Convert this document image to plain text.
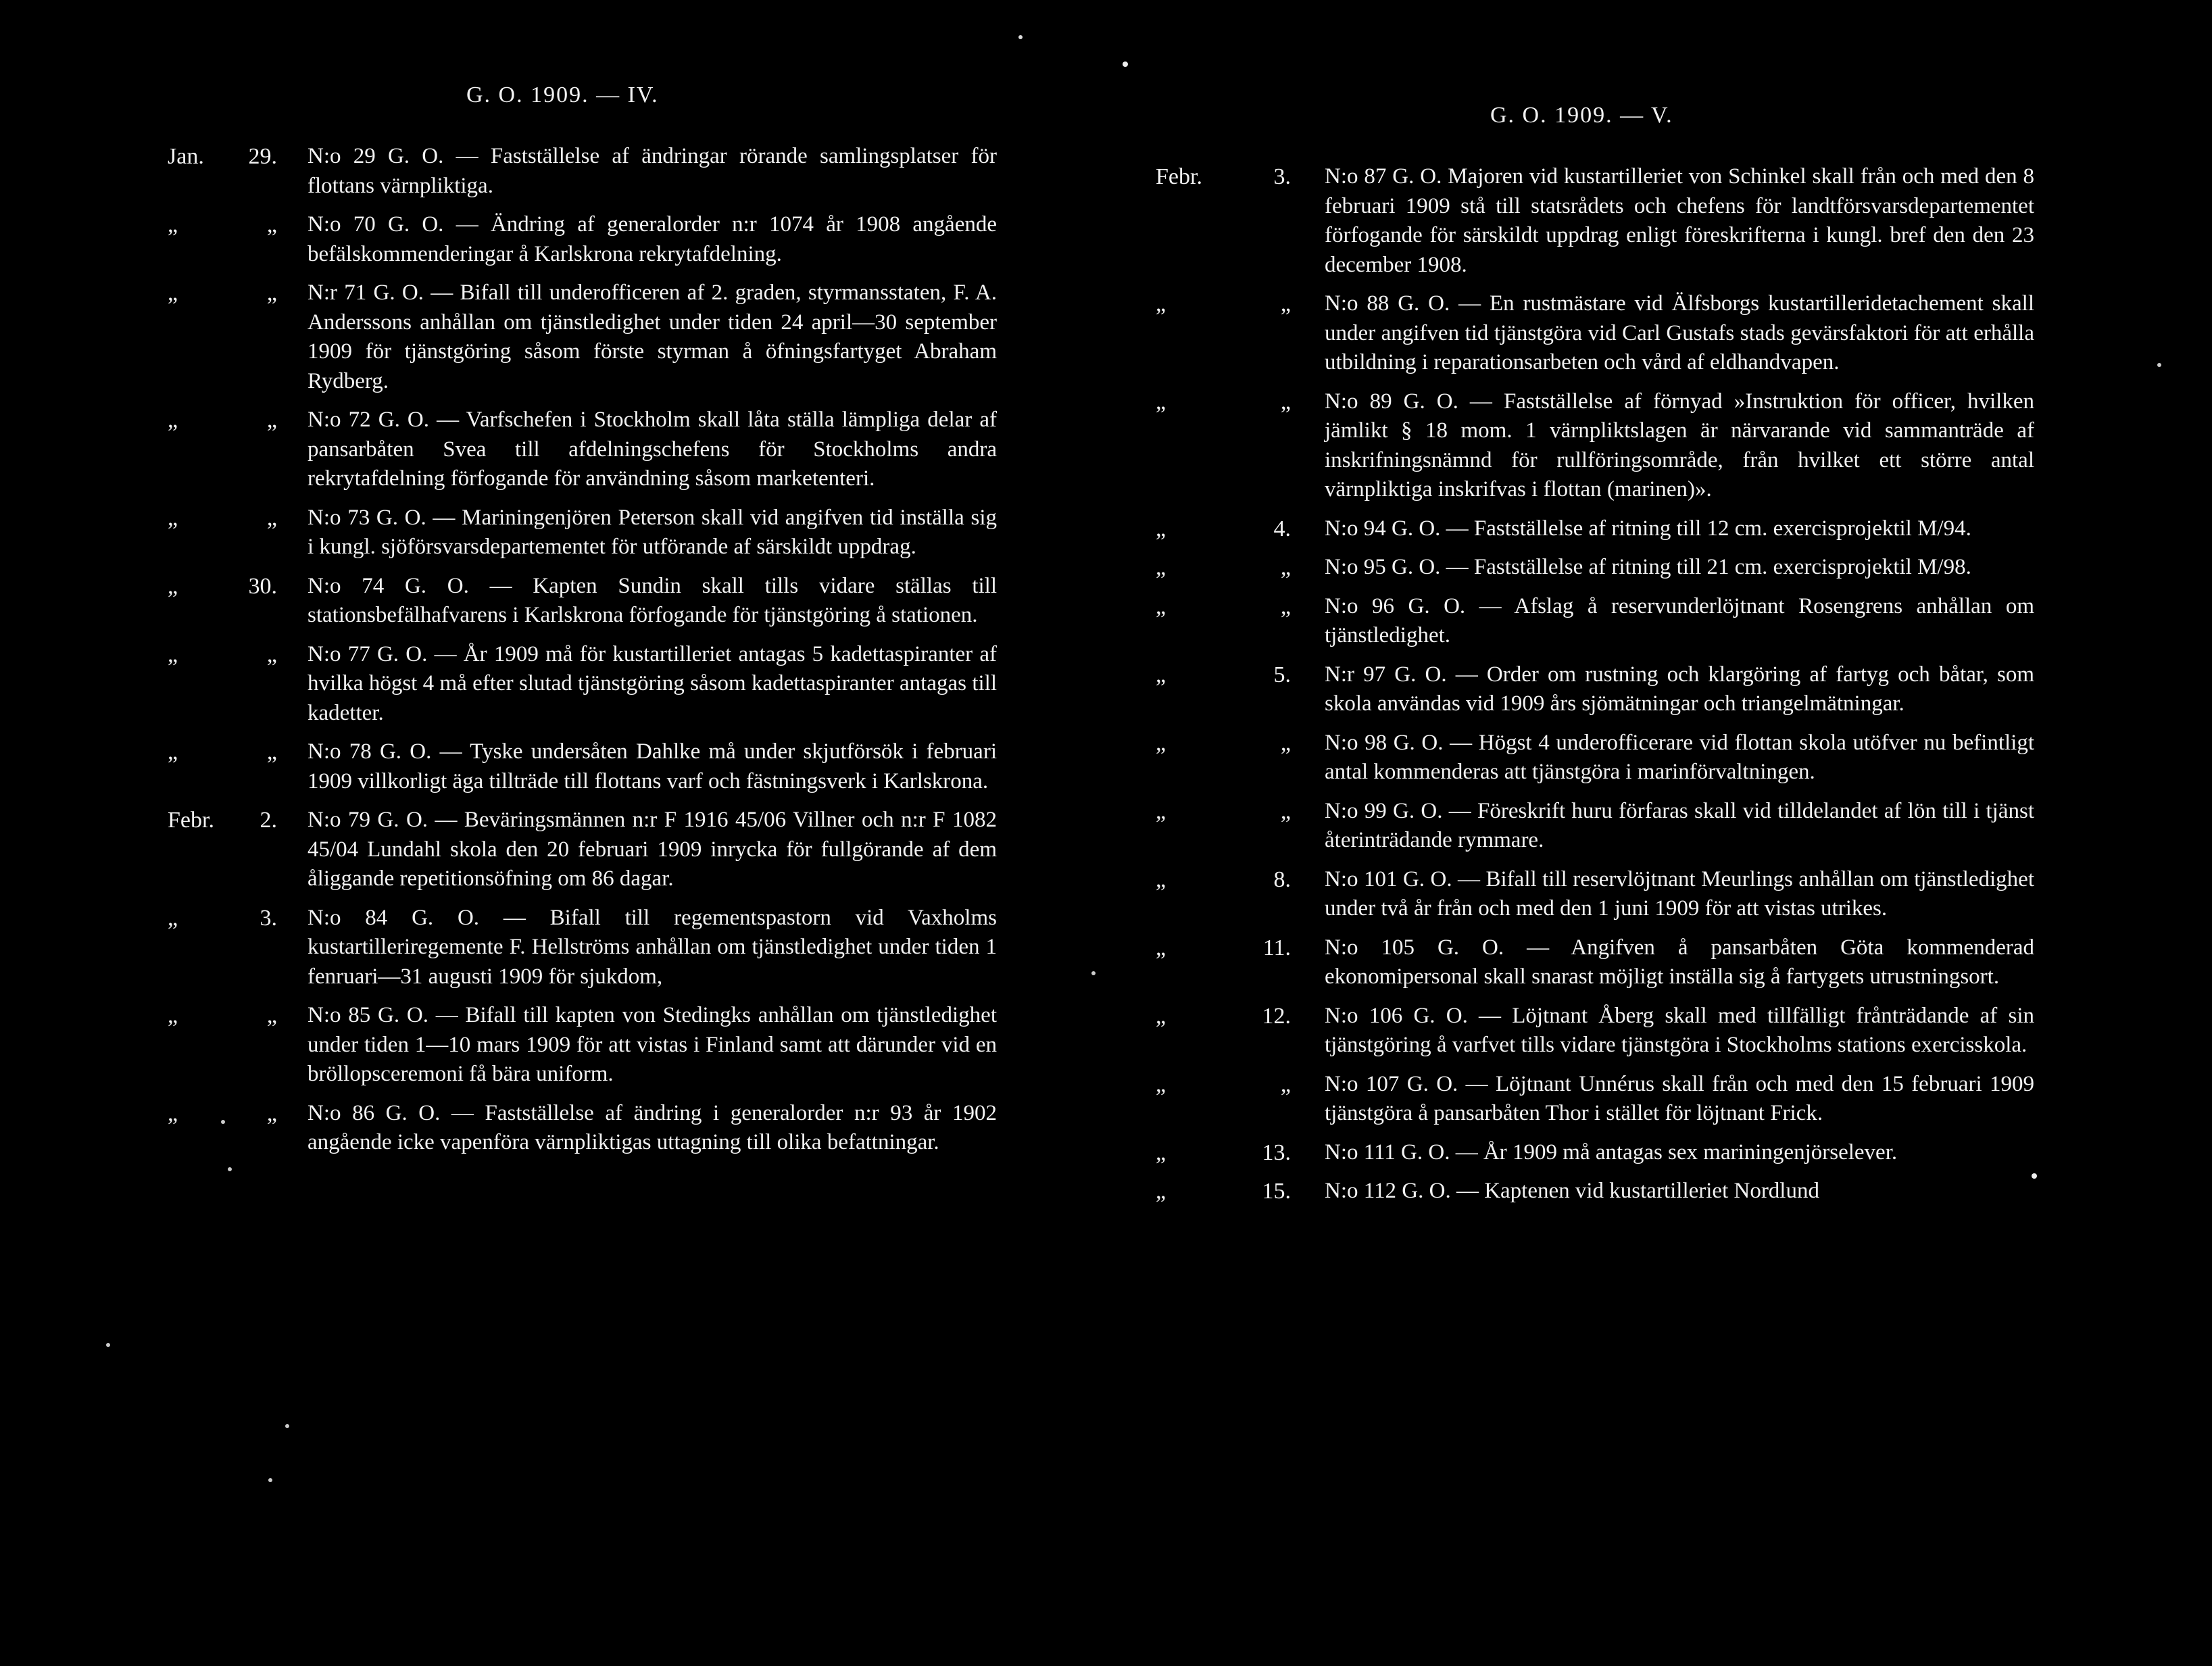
G. O. 1909. — IV.
Jan.	29. N:o 29 G. O. — Fastställelse af ändringar rörande samlingsplatser för flottans värnpliktiga.
„	„ N:o 70 G. O. — Ändring af generalorder n:r 1074 år 1908 angående befälskommenderingar å Karlskrona rekrytafdelning.
„	„ N:r 71 G. O. — Bifall till underofficeren af 2. graden, styrmansstaten, F. A. Anderssons anhållan om tjänstledighet under tiden 24 april—30 september 1909 för tjänstgöring såsom förste styrman å öfningsfartyget Abraham Rydberg.
„	„ N:o 72 G. O. — Varfschefen i Stockholm skall låta ställa lämpliga delar af pansarbåten Svea till afdelningschefens för Stockholms andra rekrytafdelning förfogande för användning såsom marketenteri.
„	„ N:o 73 G. O. — Mariningenjören Peterson skall vid angifven tid inställa sig i kungl. sjöförsvarsdepartementet för utförande af särskildt uppdrag.
„	30. N:o 74 G. O. — Kapten Sundin skall tills vidare ställas till stationsbefälhafvarens i Karlskrona förfogande för tjänstgöring å stationen.
„	„ N:o 77 G. O. — År 1909 må för kustartilleriet antagas 5 kadettaspiranter af hvilka högst 4 må efter slutad tjänstgöring såsom kadettaspiranter antagas till kadetter.
„	„ N:o 78 G. O. — Tyske undersåten Dahlke må under skjutförsök i februari 1909 villkorligt äga tillträde till flottans varf och fästningsverk i Karlskrona.
Febr.	2. N:o 79 G. O. — Beväringsmännen n:r F 1916 45/06 Villner och n:r F 1082 45/04 Lundahl skola den 20 februari 1909 inrycka för fullgörande af dem åliggande repetitionsöfning om 86 dagar.
„	3. N:o 84 G. O. — Bifall till regementspastorn vid Vaxholms kustartilleriregemente F. Hellströms anhållan om tjänstledighet under tiden 1 fenruari—31 augusti 1909 för sjukdom,
„	„ N:o 85 G. O. — Bifall till kapten von Stedingks anhållan om tjänstledighet under tiden 1—10 mars 1909 för att vistas i Finland samt att därunder vid en bröllopsceremoni få bära uniform.
„	„ N:o 86 G. O. — Fastställelse af ändring i generalorder n:r 93 år 1902 angående icke vapenföra värnpliktigas uttagning till olika befattningar.
G. O. 1909. — V.
Febr.	3. N:o 87 G. O. Majoren vid kustartilleriet von Schinkel skall från och med den 8 februari 1909 stå till statsrådets och chefens för landtförsvarsdepartementet förfogande för särskildt uppdrag enligt föreskrifterna i kungl. bref den den 23 december 1908.
„	„ N:o 88 G. O. — En rustmästare vid Älfsborgs kustartilleridetachement skall under angifven tid tjänstgöra vid Carl Gustafs stads gevärsfaktori för att erhålla utbildning i reparationsarbeten och vård af eldhandvapen.
„	„ N:o 89 G. O. — Fastställelse af förnyad »Instruktion för officer, hvilken jämlikt § 18 mom. 1 värnpliktslagen är närvarande vid sammanträde af inskrifningsnämnd för rullföringsområde, från hvilket ett större antal värnpliktiga inskrifvas i flottan (marinen)».
„	4. N:o 94 G. O. — Fastställelse af ritning till 12 cm. exercisprojektil M/94.
„	„ N:o 95 G. O. — Fastställelse af ritning till 21 cm. exercisprojektil M/98.
„	„ N:o 96 G. O. — Afslag å reservunderlöjtnant Rosengrens anhållan om tjänstledighet.
„	5. N:r 97 G. O. — Order om rustning och klargöring af fartyg och båtar, som skola användas vid 1909 års sjömätningar och triangelmätningar.
„	„ N:o 98 G. O. — Högst 4 underofficerare vid flottan skola utöfver nu befintligt antal kommenderas att tjänstgöra i marinförvaltningen.
„	„ N:o 99 G. O. — Föreskrift huru förfaras skall vid tilldelandet af lön till i tjänst återinträdande rymmare.
„	8. N:o 101 G. O. — Bifall till reservlöjtnant Meurlings anhållan om tjänstledighet under två år från och med den 1 juni 1909 för att vistas utrikes.
„	11. N:o 105 G. O. — Angifven å pansarbåten Göta kommenderad ekonomipersonal skall snarast möjligt inställa sig å fartygets utrustningsort.
„	12. N:o 106 G. O. — Löjtnant Åberg skall med tillfälligt frånträdande af sin tjänstgöring å varfvet tills vidare tjänstgöra i Stockholms stations exercisskola.
„	„ N:o 107 G. O. — Löjtnant Unnérus skall från och med den 15 februari 1909 tjänstgöra å pansarbåten Thor i stället för löjtnant Frick.
„	13. N:o 111 G. O. — År 1909 må antagas sex mariningenjörselever.
„	15. N:o 112 G. O. — Kaptenen vid kustartilleriet Nordlund
